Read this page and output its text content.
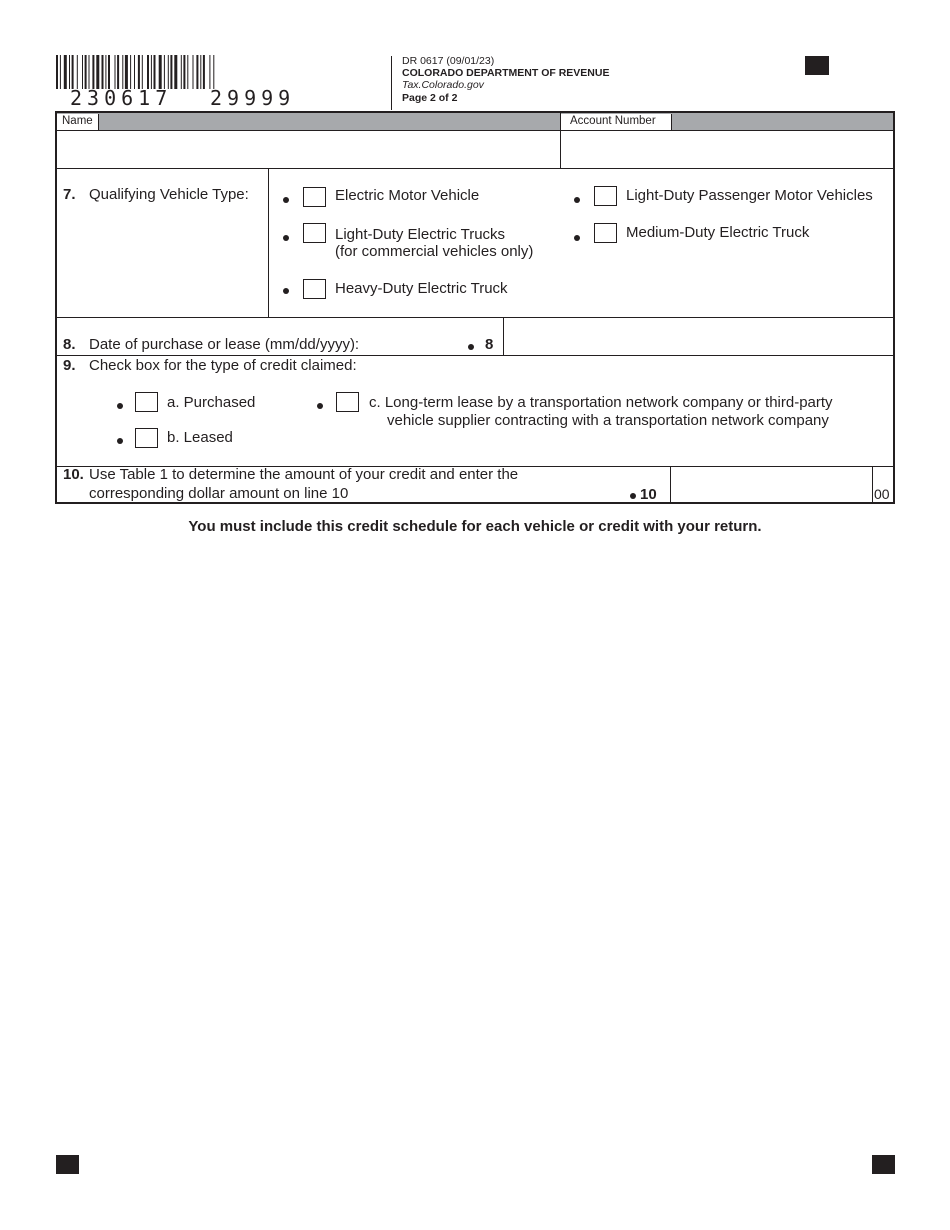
230617 29999
DR 0617 (09/01/23)
COLORADO DEPARTMENT OF REVENUE
Tax.Colorado.gov
Page 2 of 2
Name	Account Number
7. Qualifying Vehicle Type:	Electric Motor Vehicle	Light-Duty Passenger Motor Vehicles
Light-Duty Electric Trucks
(for commercial vehicles only)
Medium-Duty Electric Truck
Heavy-Duty Electric Truck
8. Date of purchase or lease (mm/dd/yyyy):	8
9. Check box for the type of credit claimed:
a. Purchased	c. Long-term lease by a transportation network company or third-party
vehicle supplier contracting with a transportation network company
b. Leased
10. Use Table 1 to determine the amount of your credit and enter the
corresponding dollar amount on line 10	10	00
You must include this credit schedule for each vehicle or credit with your return.
